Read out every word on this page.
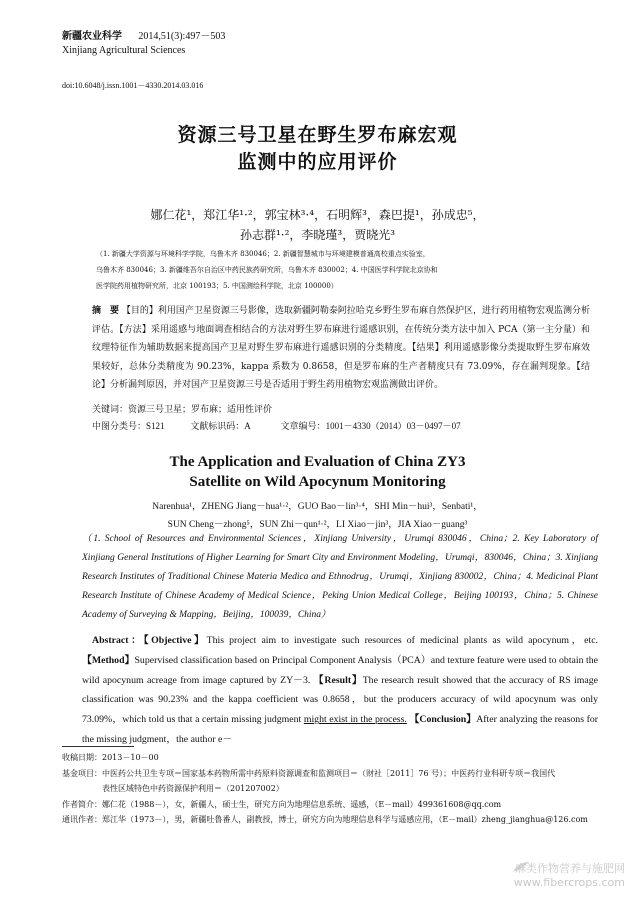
新疆农业科学 2014,51(3):497－503
Xinjiang Agricultural Sciences
doi:10.6048/j.issn.1001－4330.2014.03.016
资源三号卫星在野生罗布麻宏观
监测中的应用评价
娜仁花¹，郑江华¹·²，郭宝林³·⁴，石明辉³，森巴提¹，孙成忠⁵，
孙志群¹·²，李晓瑾³，贾晓光³
（1. 新疆大学资源与环境科学学院，乌鲁木齐 830046；2. 新疆智慧城市与环境建模普通高校重点实验室，
乌鲁木齐 830046；3. 新疆维吾尔自治区中药民族药研究所，乌鲁木齐 830002；4. 中国医学科学院北京协和
医学院药用植物研究所，北京 100193；5. 中国测绘科学院，北京 100000）
摘　要 【目的】利用国产卫星资源三号影像，选取新疆阿勒泰阿拉哈克乡野生罗布麻自然保护区，进行药用植物宏观监测分析评估。【方法】采用遥感与地面调查相结合的方法对野生罗布麻进行遥感识别，在传统分类方法中加入 PCA（第一主分量）和纹理特征作为辅助数据来提高国产卫星对野生罗布麻进行遥感识别的分类精度。【结果】利用遥感影像分类提取野生罗布麻效果较好，总体分类精度为 90.23%，kappa 系数为 0.8658，但是罗布麻的生产者精度只有 73.09%，存在漏判现象。【结论】分析漏判原因，并对国产卫星资源三号是否适用于野生药用植物宏观监测做出评价。
关键词：资源三号卫星；罗布麻；适用性评价
中图分类号：S121	文献标识码：A	文章编号：1001－4330（2014）03－0497－07
The Application and Evaluation of China ZY3
Satellite on Wild Apocynum Monitoring
Narenhua¹，ZHENG Jiang－hua¹·²，GUO Bao－lin³·⁴，SHI Min－hui³，Senbati¹，
SUN Cheng－zhong⁵，SUN Zhi－qun¹·²，LI Xiao－jin³，JIA Xiao－guang³
（1. School of Resources and Environmental Sciences，Xinjiang University，Urumqi 830046，China；2. Key Laboratory of Xinjiang General Institutions of Higher Learning for Smart City and Environment Modeling，Urumqi，830046，China；3. Xinjiang Research Institutes of Traditional Chinese Materia Medica and Ethnodrug，Urumqi，Xinjiang 830002，China；4. Medicinal Plant Research Institute of Chinese Academy of Medical Science，Peking Union Medical College，Beijing 100193，China；5. Chinese Academy of Surveying & Mapping，Beijing，100039，China）
Abstract：【Objective】This project aim to investigate such resources of medicinal plants as wild apocynum，etc. 【Method】Supervised classification based on Principal Component Analysis（PCA）and texture feature were used to obtain the wild apocynum acreage from image captured by ZY－3. 【Result】The research result showed that the accuracy of RS image classification was 90.23% and the kappa coefficient was 0.8658，but the producers accuracy of wild apocynum was only 73.09%，which told us that a certain missing judgment might exist in the process. 【Conclusion】After analyzing the reasons for the missing judgment，the author e－
收稿日期：2013－10－00
基金项目：中医药公共卫生专项＝国家基本药物所需中药原料资源调查和监测项目＝（财社［2011］76 号）；中医药行业科研专项＝我国代
表性区域特色中药资源保护利用＝（201207002）
作者简介：娜仁花（1988－），女，新疆人，硕士生，研究方向为地理信息系统、遥感，（E－mail）499361608@qq.com
通讯作者：郑江华（1973－），男，新疆吐鲁番人，副教授，博士，研究方向为地理信息科学与遥感应用，（E－mail）zheng_jianghua@126.com
麻类作物营养与施肥网
www.fibercrops.com
